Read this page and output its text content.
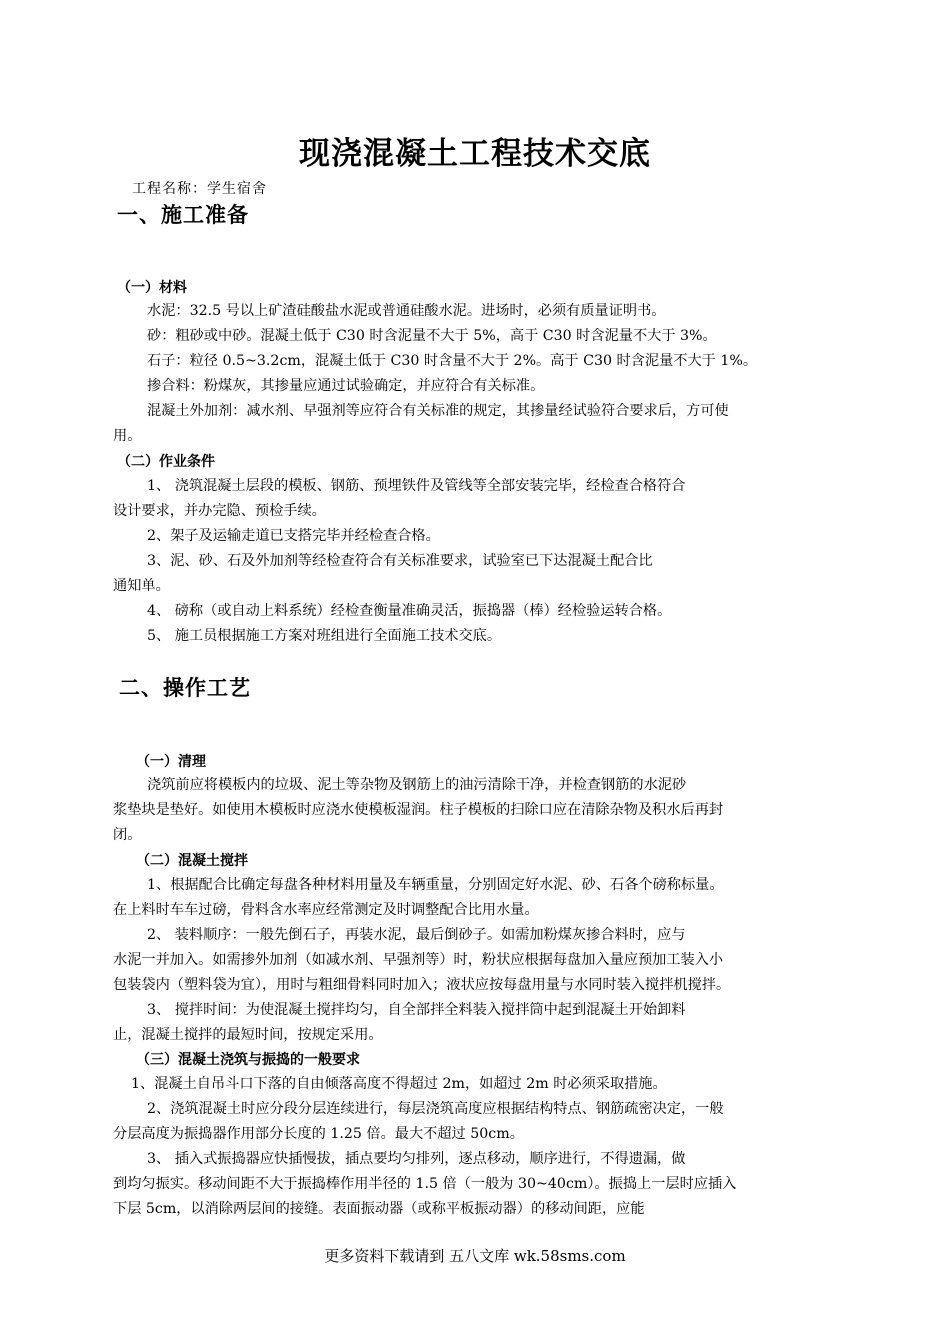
现浇混凝土工程技术交底
工程名称：学生宿舍
一、施工准备
（一）材料
水泥：32.5 号以上矿渣硅酸盐水泥或普通硅酸水泥。进场时，必须有质量证明书。
砂：粗砂或中砂。混凝土低于 C30 时含泥量不大于 5%，高于 C30 时含泥量不大于 3%。
石子：粒径 0.5~3.2cm，混凝土低于 C30 时含量不大于 2%。高于 C30 时含泥量不大于 1%。
掺合料：粉煤灰，其掺量应通过试验确定，并应符合有关标准。
混凝土外加剂：减水剂、早强剂等应符合有关标准的规定，其掺量经试验符合要求后，方可使
用。
（二）作业条件
1、 浇筑混凝土层段的模板、钢筋、预埋铁件及管线等全部安装完毕，经检查合格符合
设计要求，并办完隐、预检手续。
2、架子及运输走道已支搭完毕并经检查合格。
3、泥、砂、石及外加剂等经检查符合有关标准要求，试验室已下达混凝土配合比
通知单。
4、 磅称（或自动上料系统）经检查衡量准确灵活，振捣器（棒）经检验运转合格。
5、 施工员根据施工方案对班组进行全面施工技术交底。
二、操作工艺
（一）清理
浇筑前应将模板内的垃圾、泥土等杂物及钢筋上的油污清除干净，并检查钢筋的水泥砂
浆垫块是垫好。如使用木模板时应浇水使模板湿润。柱子模板的扫除口应在清除杂物及积水后再封
闭。
（二）混凝土搅拌
1、根据配合比确定每盘各种材料用量及车辆重量，分别固定好水泥、砂、石各个磅称标量。
在上料时车车过磅，骨料含水率应经常测定及时调整配合比用水量。
2、 装料顺序：一般先倒石子，再装水泥，最后倒砂子。如需加粉煤灰掺合料时，应与
水泥一并加入。如需掺外加剂（如减水剂、早强剂等）时，粉状应根据每盘加入量应预加工装入小
包装袋内（塑料袋为宜），用时与粗细骨料同时加入；液状应按每盘用量与水同时装入搅拌机搅拌。
3、 搅拌时间：为使混凝土搅拌均匀，自全部拌全料装入搅拌筒中起到混凝土开始卸料
止，混凝土搅拌的最短时间，按规定采用。
（三）混凝土浇筑与振捣的一般要求
1、混凝土自吊斗口下落的自由倾落高度不得超过 2m，如超过 2m 时必须采取措施。
2、浇筑混凝土时应分段分层连续进行，每层浇筑高度应根据结构特点、钢筋疏密决定，一般
分层高度为振捣器作用部分长度的 1.25 倍。最大不超过 50cm。
3、 插入式振捣器应快插慢拔，插点要均匀排列，逐点移动，顺序进行，不得遗漏，做
到均匀振实。移动间距不大于振捣棒作用半径的 1.5 倍（一般为 30~40cm）。振捣上一层时应插入
下层 5cm，以消除两层间的接缝。表面振动器（或称平板振动器）的移动间距，应能
更多资料下载请到 五八文库 wk.58sms.com
